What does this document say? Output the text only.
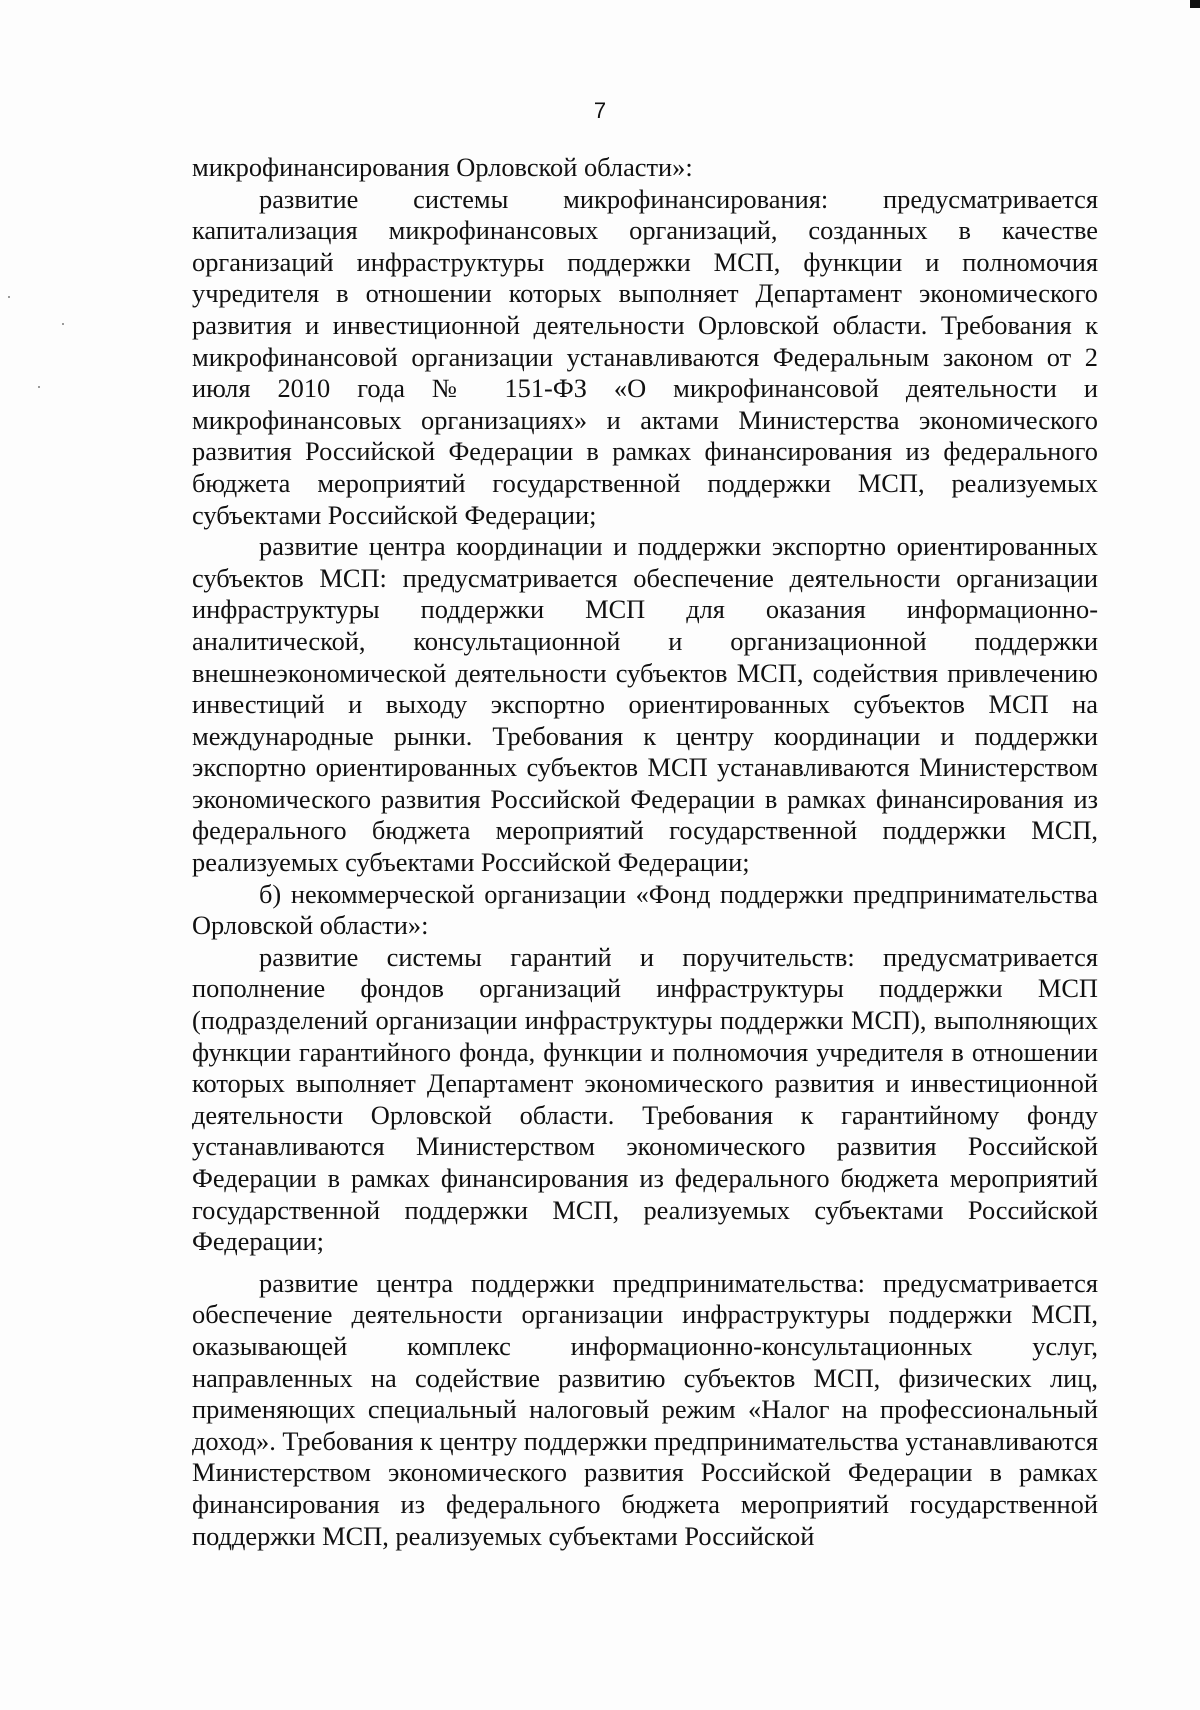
7

микрофинансирования Орловской области»:

развитие системы микрофинансирования: предусматривается капитализация микрофинансовых организаций, созданных в качестве организаций инфраструктуры поддержки МСП, функции и полномочия учредителя в отношении которых выполняет Департамент экономического развития и инвестиционной деятельности Орловской области. Требования к микрофинансовой организации устанавливаются Федеральным законом от 2 июля 2010 года № 151-ФЗ «О микрофинансовой деятельности и микрофинансовых организациях» и актами Министерства экономического развития Российской Федерации в рамках финансирования из федерального бюджета мероприятий государственной поддержки МСП, реализуемых субъектами Российской Федерации;

развитие центра координации и поддержки экспортно ориентированных субъектов МСП: предусматривается обеспечение деятельности организации инфраструктуры поддержки МСП для оказания информационно-аналитической, консультационной и организационной поддержки внешнеэкономической деятельности субъектов МСП, содействия привлечению инвестиций и выходу экспортно ориентированных субъектов МСП на международные рынки. Требования к центру координации и поддержки экспортно ориентированных субъектов МСП устанавливаются Министерством экономического развития Российской Федерации в рамках финансирования из федерального бюджета мероприятий государственной поддержки МСП, реализуемых субъектами Российской Федерации;

б) некоммерческой организации «Фонд поддержки предпринимательства Орловской области»:

развитие системы гарантий и поручительств: предусматривается пополнение фондов организаций инфраструктуры поддержки МСП (подразделений организации инфраструктуры поддержки МСП), выполняющих функции гарантийного фонда, функции и полномочия учредителя в отношении которых выполняет Департамент экономического развития и инвестиционной деятельности Орловской области. Требования к гарантийному фонду устанавливаются Министерством экономического развития Российской Федерации в рамках финансирования из федерального бюджета мероприятий государственной поддержки МСП, реализуемых субъектами Российской Федерации;

развитие центра поддержки предпринимательства: предусматривается обеспечение деятельности организации инфраструктуры поддержки МСП, оказывающей комплекс информационно-консультационных услуг, направленных на содействие развитию субъектов МСП, физических лиц, применяющих специальный налоговый режим «Налог на профессиональный доход». Требования к центру поддержки предпринимательства устанавливаются Министерством экономического развития Российской Федерации в рамках финансирования из федерального бюджета мероприятий государственной поддержки МСП, реализуемых субъектами Российской
